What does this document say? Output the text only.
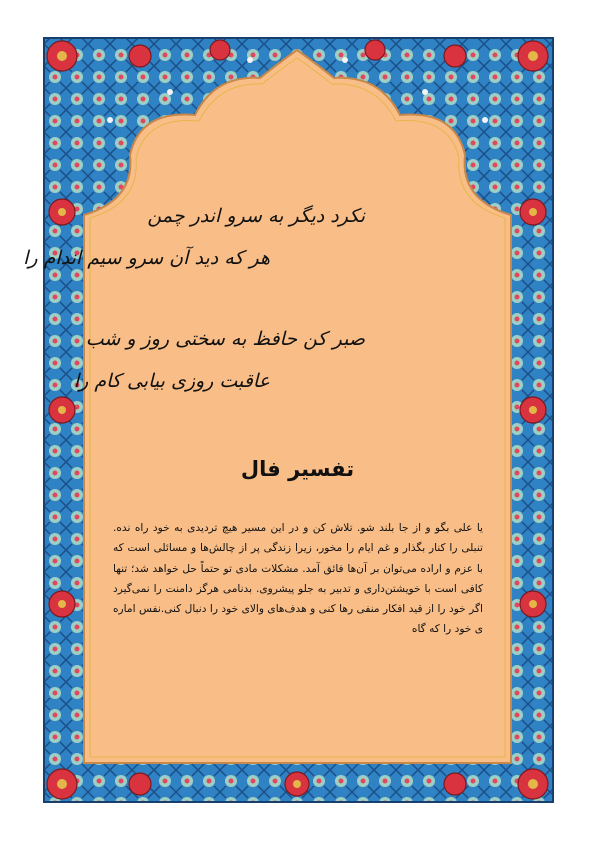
نکرد دیگر به سرو اندر چمن
هر که دید آن سرو سیم اندام را
صبر کن حافظ به سختی روز و شب
عاقبت روزی بیابی کام را
تفسیر فال

یا علی بگو و از جا بلند شو. تلاش کن و در این مسیر هیچ تردیدی به خود راه نده. تنبلی را کنار بگذار و غم ایام را مخور، زیرا زندگی پر از چالش‌ها و مسائلی است که با عزم و اراده می‌توان بر آن‌ها فائق آمد. مشکلات مادی تو حتماً حل خواهد شد؛ تنها کافی است با خویشتن‌داری و تدبیر به جلو پیشروی. بدنامی هرگز دامنت را نمی‌گیرد اگر خود را از قید افکار منفی رها کنی و هدف‌های والای خود را دنبال کنی.نفس اماره ی خود را که گاه
